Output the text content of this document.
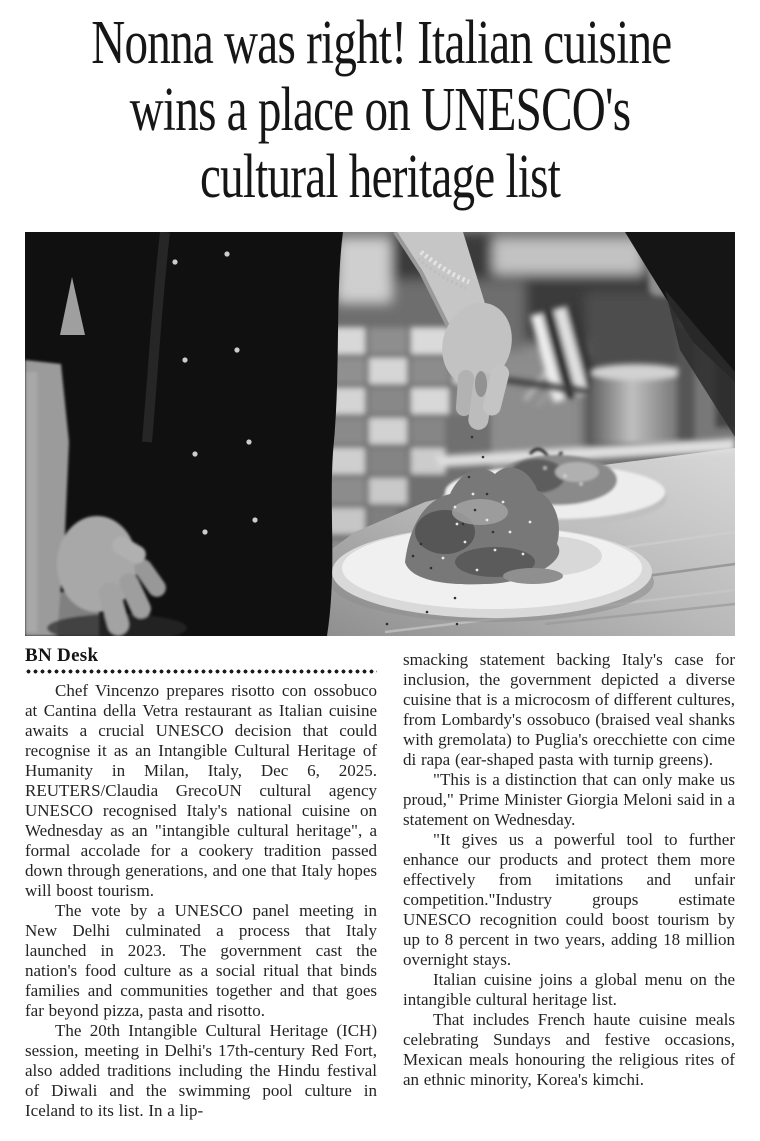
Nonna was right! Italian cuisine
wins a place on UNESCO's
cultural heritage list
BN Desk

Chef Vincenzo prepares risotto con ossobuco at Cantina della Vetra restaurant as Italian cuisine awaits a crucial UNESCO decision that could recognise it as an Intangible Cultural Heritage of Humanity in Milan, Italy, Dec 6, 2025. REUTERS/Claudia GrecoUN cultural agency UNESCO recognised Italy's national cuisine on Wednesday as an "intangible cultural heritage", a formal accolade for a cookery tradition passed down through generations, and one that Italy hopes will boost tourism.

The vote by a UNESCO panel meeting in New Delhi culminated a process that Italy launched in 2023. The government cast the nation's food culture as a social ritual that binds families and communities together and that goes far beyond pizza, pasta and risotto.

The 20th Intangible Cultural Heritage (ICH) session, meeting in Delhi's 17th-century Red Fort, also added traditions including the Hindu festival of Diwali and the swimming pool culture in Iceland to its list. In a lip-

smacking statement backing Italy's case for inclusion, the government depicted a diverse cuisine that is a microcosm of different cultures, from Lombardy's ossobuco (braised veal shanks with gremolata) to Puglia's orecchiette con cime di rapa (ear-shaped pasta with turnip greens).

"This is a distinction that can only make us proud," Prime Minister Giorgia Meloni said in a statement on Wednesday.

"It gives us a powerful tool to further enhance our products and protect them more effectively from imitations and unfair competition."Industry groups estimate UNESCO recognition could boost tourism by up to 8 percent in two years, adding 18 million overnight stays.

Italian cuisine joins a global menu on the intangible cultural heritage list.

That includes French haute cuisine meals celebrating Sundays and festive occasions, Mexican meals honouring the religious rites of an ethnic minority, Korea's kimchi.
